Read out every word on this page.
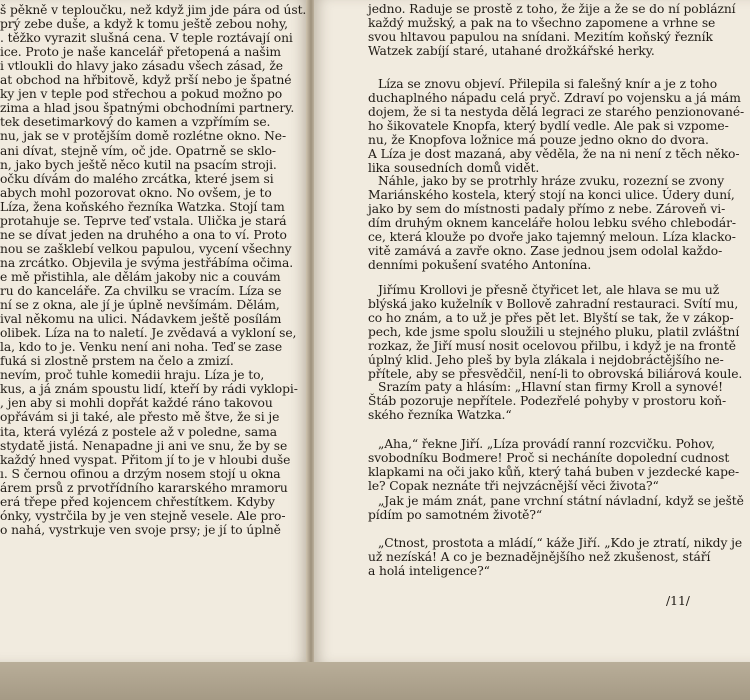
š pěkně v teploučku, než když jim jde pára od úst.
prý zebe duše, a když k tomu ještě zebou nohy,
. těžko vyrazit slušná cena. V teple roztávají oni
ice. Proto je naše kancelář přetopená a našim
i vtloukli do hlavy jako zásadu všech zásad, že
at obchod na hřbitově, když prší nebo je špatné
ky jen v teple pod střechou a pokud možno po
zima a hlad jsou špatnými obchodními partnery.
tek desetimarkový do kamen a vzpřímím se.
nu, jak se v protějším domě rozlétne okno. Ne-
ani dívat, stejně vím, oč jde. Opatrně se sklo-
n, jako bych ještě něco kutil na psacím stroji.
očku dívám do malého zrcátka, které jsem si
abych mohl pozorovat okno. No ovšem, je to
Líza, žena koňského řezníka Watzka. Stojí tam
protahuje se. Teprve teď vstala. Ulička je stará
ne se dívat jeden na druhého a ona to ví. Proto
nou se zašklebí velkou papulou, vycení všechny
na zrcátko. Objevila je svýma jestřábíma očima.
e mě přistihla, ale dělám jakoby nic a couvám
ru do kanceláře. Za chvilku se vracím. Líza se
ní se z okna, ale jí je úplně nevšímám. Dělám,
ival někomu na ulici. Nádavkem ještě posílám
olibek. Líza na to naletí. Je zvědavá a vykloní se,
la, kdo to je. Venku není ani noha. Teď se zase
fuká si zlostně prstem na čelo a zmizí.
nevím, proč tuhle komedii hraju. Líza je to,
kus, a já znám spoustu lidí, kteří by rádi vyklopi-
, jen aby si mohli dopřát každé ráno takovou
opřávám si ji také, ale přesto mě štve, že si je
ita, která vylézá z postele až v poledne, sama
stydatě jistá. Nenapadne ji ani ve snu, že by se
každý hned vyspat. Přitom jí to je v hloubi duše
ı. S černou ofinou a drzým nosem stojí u okna
árem prsů z prvotřídního kararského mramoru
erá třepe před kojencem chřestítkem. Kdyby
ónky, vystrčila by je ven stejně vesele. Ale pro-
o nahá, vystrkuje ven svoje prsy; je jí to úplně
jedno. Raduje se prostě z toho, že žije a že se do ní poblázní
každý mužský, a pak na to všechno zapomene a vrhne se
svou hltavou papulou na snídani. Mezitím koňský řezník
Watzek zabíjí staré, utahané drožkářské herky.
Líza se znovu objeví. Přilepila si falešný knír a je z toho
duchaplného nápadu celá pryč. Zdraví po vojensku a já mám
dojem, že si ta nestyda dělá legraci ze starého penzionované-
ho šikovatele Knopfa, který bydlí vedle. Ale pak si vzpome-
nu, že Knopfova ložnice má pouze jedno okno do dvora.
A Líza je dost mazaná, aby věděla, že na ni není z těch něko-
lika sousedních domů vidět.
Náhle, jako by se protrhly hráze zvuku, rozezní se zvony
Mariánského kostela, který stojí na konci ulice. Údery duní,
jako by sem do místnosti padaly přímo z nebe. Zároveň vi-
dím druhým oknem kanceláře holou lebku svého chlebodár-
ce, která klouže po dvoře jako tajemný meloun. Líza klacko-
vitě zamává a zavře okno. Zase jednou jsem odolal každo-
denními pokušení svatého Antonína.
Jiřímu Krollovi je přesně čtyřicet let, ale hlava se mu už
blýská jako kuželník v Bollově zahradní restauraci. Svítí mu,
co ho znám, a to už je přes pět let. Blyští se tak, že v zákop-
pech, kde jsme spolu sloužili u stejného pluku, platil zvláštní
rozkaz, že Jiří musí nosit ocelovou přilbu, i když je na frontě
úplný klid. Jeho pleš by byla zlákala i nejdobráctějšího ne-
přítele, aby se přesvědčil, není-li to obrovská biliárová koule.
Srazím paty a hlásím: „Hlavní stan firmy Kroll a synové!
Štáb pozoruje nepřítele. Podezřelé pohyby v prostoru koň-
ského řezníka Watzka.“
„Aha,“ řekne Jiří. „Líza provádí ranní rozcvičku. Pohov,
svobodníku Bodmere! Proč si necháníte dopolední cudnost
klapkami na oči jako kůň, který tahá buben v jezdecké kape-
le? Copak neznáte tři nejvzácnější věci života?“
„Jak je mám znát, pane vrchní státní návladní, když se ještě
pídím po samotném životě?“
„Ctnost, prostota a mládí,“ káže Jiří. „Kdo je ztratí, nikdy je
už nezíská! A co je beznadějnějšího než zkušenost, stáří
a holá inteligence?“
/11/
